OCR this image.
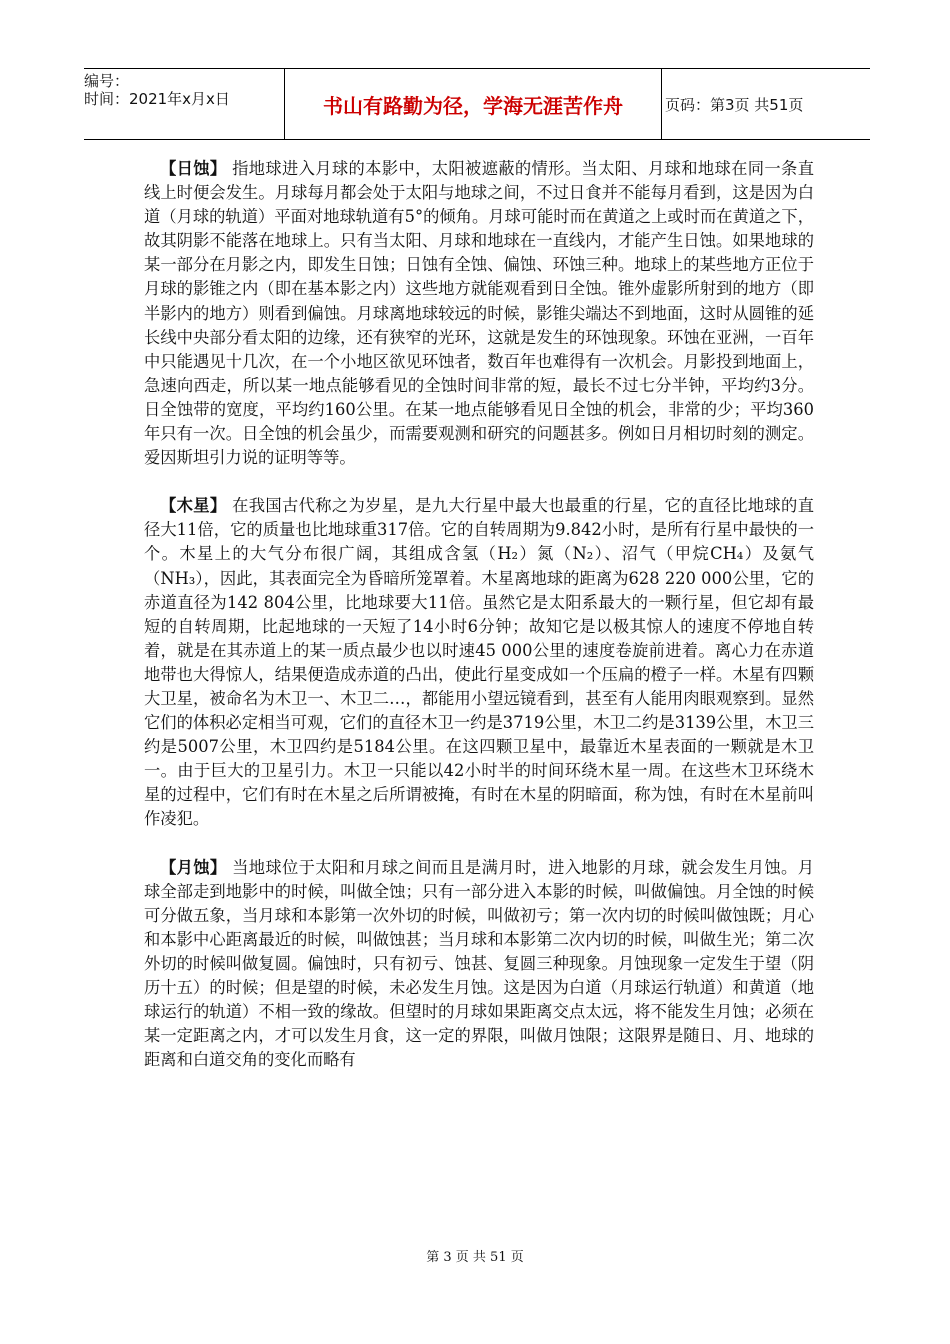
编号：
时间：2021年x月x日	书山有路勤为径，学海无涯苦作舟	页码：第3页 共51页

【日蚀】 指地球进入月球的本影中，太阳被遮蔽的情形。当太阳、月球和地球在同一条直线上时便会发生。月球每月都会处于太阳与地球之间，不过日食并不能每月看到，这是因为白道（月球的轨道）平面对地球轨道有5°的倾角。月球可能时而在黄道之上或时而在黄道之下，故其阴影不能落在地球上。只有当太阳、月球和地球在一直线内，才能产生日蚀。如果地球的某一部分在月影之内，即发生日蚀；日蚀有全蚀、偏蚀、环蚀三种。地球上的某些地方正位于月球的影锥之内（即在基本影之内）这些地方就能观看到日全蚀。锥外虚影所射到的地方（即半影内的地方）则看到偏蚀。月球离地球较远的时候，影锥尖端达不到地面，这时从圆锥的延长线中央部分看太阳的边缘，还有狭窄的光环，这就是发生的环蚀现象。环蚀在亚洲，一百年中只能遇见十几次，在一个小地区欲见环蚀者，数百年也难得有一次机会。月影投到地面上，急速向西走，所以某一地点能够看见的全蚀时间非常的短，最长不过七分半钟，平均约3分。日全蚀带的宽度，平均约160公里。在某一地点能够看见日全蚀的机会，非常的少；平均360年只有一次。日全蚀的机会虽少，而需要观测和研究的问题甚多。例如日月相切时刻的测定。爱因斯坦引力说的证明等等。

【木星】 在我国古代称之为岁星，是九大行星中最大也最重的行星，它的直径比地球的直径大11倍，它的质量也比地球重317倍。它的自转周期为9.842小时，是所有行星中最快的一个。木星上的大气分布很广阔，其组成含氢（H₂）氮（N₂）、沼气（甲烷CH₄）及氨气（NH₃），因此，其表面完全为昏暗所笼罩着。木星离地球的距离为628 220 000公里，它的赤道直径为142 804公里，比地球要大11倍。虽然它是太阳系最大的一颗行星，但它却有最短的自转周期，比起地球的一天短了14小时6分钟；故知它是以极其惊人的速度不停地自转着，就是在其赤道上的某一质点最少也以时速45 000公里的速度卷旋前进着。离心力在赤道地带也大得惊人，结果便造成赤道的凸出，使此行星变成如一个压扁的橙子一样。木星有四颗大卫星，被命名为木卫一、木卫二…，都能用小望远镜看到，甚至有人能用肉眼观察到。显然它们的体积必定相当可观，它们的直径木卫一约是3719公里，木卫二约是3139公里，木卫三约是5007公里，木卫四约是5184公里。在这四颗卫星中，最靠近木星表面的一颗就是木卫一。由于巨大的卫星引力。木卫一只能以42小时半的时间环绕木星一周。在这些木卫环绕木星的过程中，它们有时在木星之后所谓被掩，有时在木星的阴暗面，称为蚀，有时在木星前叫作凌犯。

【月蚀】 当地球位于太阳和月球之间而且是满月时，进入地影的月球，就会发生月蚀。月球全部走到地影中的时候，叫做全蚀；只有一部分进入本影的时候，叫做偏蚀。月全蚀的时候可分做五象，当月球和本影第一次外切的时候，叫做初亏；第一次内切的时候叫做蚀既；月心和本影中心距离最近的时候，叫做蚀甚；当月球和本影第二次内切的时候，叫做生光；第二次外切的时候叫做复圆。偏蚀时，只有初亏、蚀甚、复圆三种现象。月蚀现象一定发生于望（阴历十五）的时候；但是望的时候，未必发生月蚀。这是因为白道（月球运行轨道）和黄道（地球运行的轨道）不相一致的缘故。但望时的月球如果距离交点太远，将不能发生月蚀；必须在某一定距离之内，才可以发生月食，这一定的界限，叫做月蚀限；这限界是随日、月、地球的距离和白道交角的变化而略有

第 3 页 共 51 页
